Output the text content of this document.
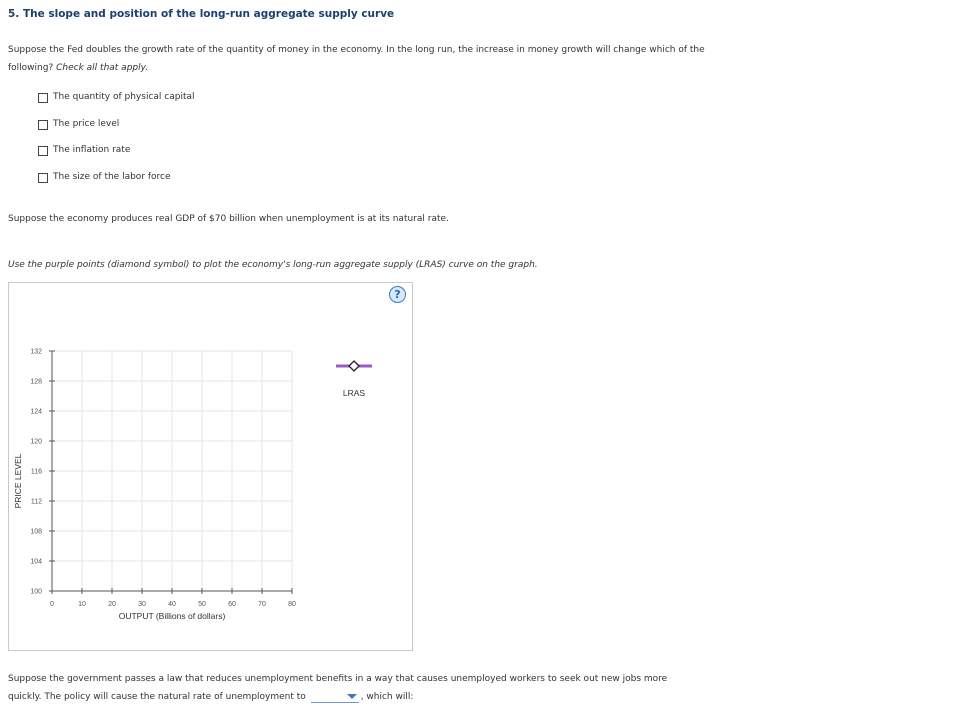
5. The slope and position of the long-run aggregate supply curve

Suppose the Fed doubles the growth rate of the quantity of money in the economy. In the long run, the increase in money growth will change which of the following? Check all that apply.

The quantity of physical capital
The price level
The inflation rate
The size of the labor force

Suppose the economy produces real GDP of $70 billion when unemployment is at its natural rate.

Use the purple points (diamond symbol) to plot the economy's long-run aggregate supply (LRAS) curve on the graph.

100
104
108
112
116
120
124
128
132
0	10	20	30	40	50	60	70	80
OUTPUT (Billions of dollars)
PRICE LEVEL
LRAS
?

Suppose the government passes a law that reduces unemployment benefits in a way that causes unemployed workers to seek out new jobs more quickly. The policy will cause the natural rate of unemployment to	, which will:
